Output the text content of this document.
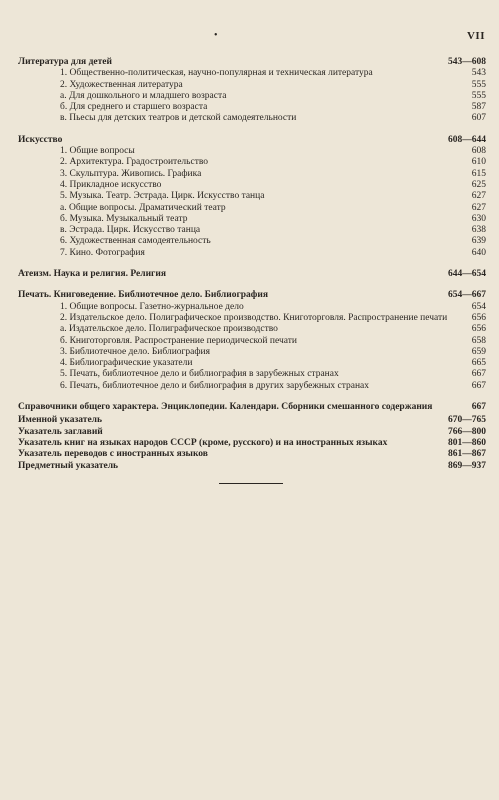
•	VII
Литература для детей	543—608
1. Общественно-политическая, научно-популярная и техническая литература	543
2. Художественная литература	555
а. Для дошкольного и младшего возраста	555
б. Для среднего и старшего возраста	587
в. Пьесы для детских театров и детской самодеятельности	607
Искусство	608—644
1. Общие вопросы	608
2. Архитектура. Градостроительство	610
3. Скульптура. Живопись. Графика	615
4. Прикладное искусство	625
5. Музыка. Театр. Эстрада. Цирк. Искусство танца	627
а. Общие вопросы. Драматический театр	627
б. Музыка. Музыкальный театр	630
в. Эстрада. Цирк. Искусство танца	638
6. Художественная самодеятельность	639
7. Кино. Фотография	640
Атеизм. Наука и религия. Религия	644—654
Печать. Книговедение. Библиотечное дело. Библиография	654—667
1. Общие вопросы. Газетно-журнальное дело	654
2. Издательское дело. Полиграфическое производство. Книготорговля. Распространение печати	656
а. Издательское дело. Полиграфическое производство	656
б. Книготорговля. Распространение периодической печати	658
3. Библиотечное дело. Библиография	659
4. Библиографические указатели	665
5. Печать, библиотечное дело и библиография в зарубежных странах	667
6. Печать, библиотечное дело и библиография в других зарубежных странах	667
Справочники общего характера. Энциклопедии. Календари. Сборники смешанного содержания	667
Именной указатель	670—765
Указатель заглавий	766—800
Указатель книг на языках народов СССР (кроме, русского) и на иностранных языках	801—860
Указатель переводов с иностранных языков	861—867
Предметный указатель	869—937
